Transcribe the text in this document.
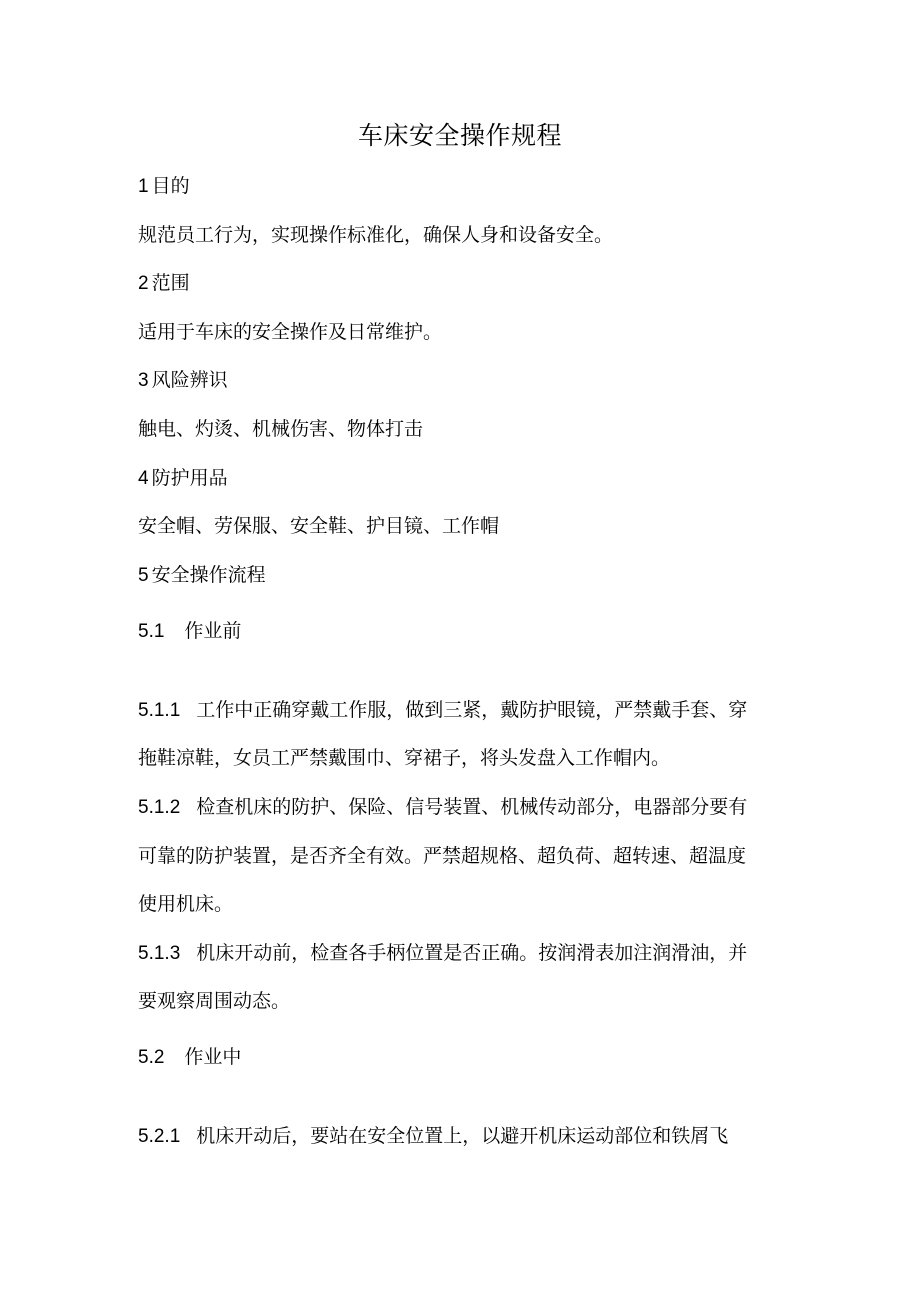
车床安全操作规程
1 目的
规范员工行为，实现操作标准化，确保人身和设备安全。
2 范围
适用于车床的安全操作及日常维护。
3 风险辨识
触电、灼烫、机械伤害、物体打击
4 防护用品
安全帽、劳保服、安全鞋、护目镜、工作帽
5 安全操作流程
5.1 作业前
5.1.1 工作中正确穿戴工作服，做到三紧，戴防护眼镜，严禁戴手套、穿
拖鞋凉鞋，女员工严禁戴围巾、穿裙子，将头发盘入工作帽内。
5.1.2 检查机床的防护、保险、信号装置、机械传动部分，电器部分要有
可靠的防护装置，是否齐全有效。严禁超规格、超负荷、超转速、超温度
使用机床。
5.1.3 机床开动前，检查各手柄位置是否正确。按润滑表加注润滑油，并
要观察周围动态。
5.2 作业中
5.2.1 机床开动后，要站在安全位置上，以避开机床运动部位和铁屑飞
